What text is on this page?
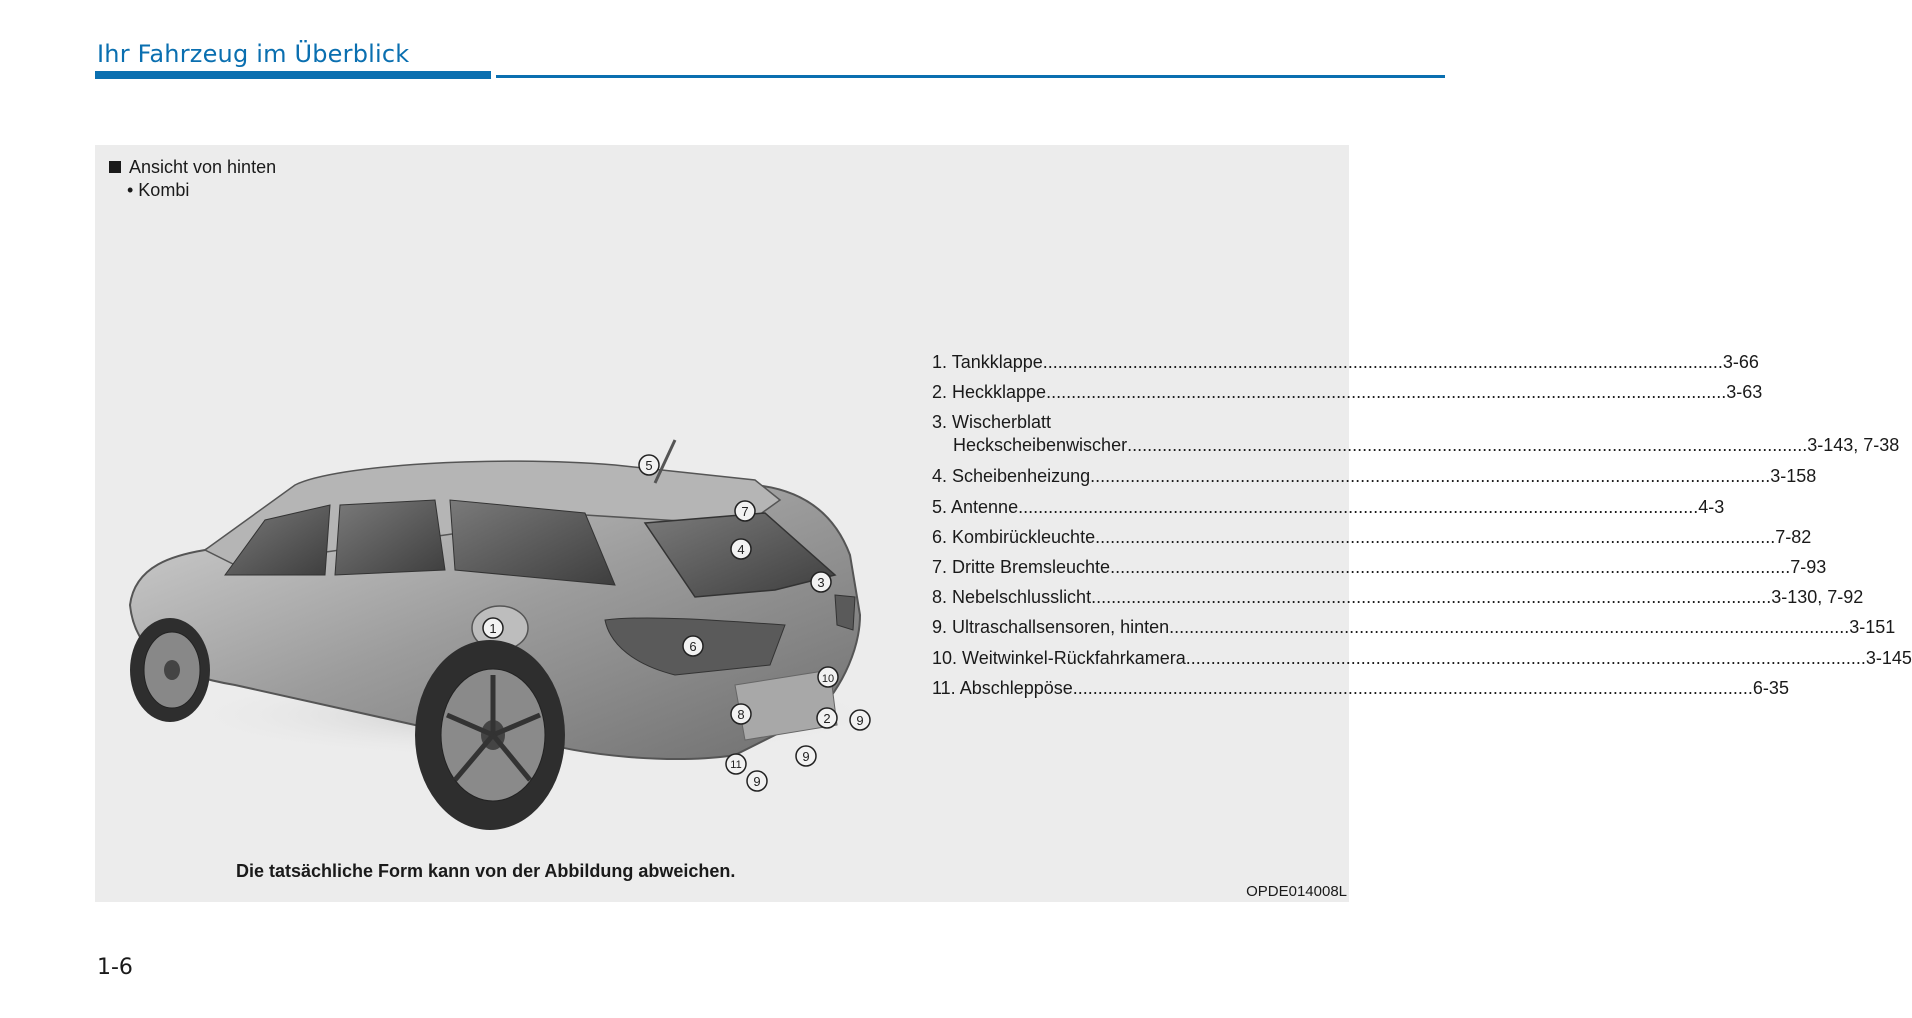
Ihr Fahrzeug im Überblick
Ansicht von hinten
• Kombi
1
2
3
4
5
6
7
8	9
9
9
10
11
1. Tankklappe .....	3-66
2. Heckklappe .....	3-63
3. Wischerblatt
Heckscheibenwischer .....	3-143, 7-38
4. Scheibenheizung .....	3-158
5. Antenne .....	4-3
6. Kombirückleuchte .....	7-82
7. Dritte Bremsleuchte .....	7-93
8. Nebelschlusslicht .....	3-130, 7-92
9. Ultraschallsensoren, hinten .....	3-151
10. Weitwinkel-Rückfahrkamera .....	3-145
11. Abschleppöse .....	6-35
Die tatsächliche Form kann von der Abbildung abweichen.
OPDE014008L
1-6
